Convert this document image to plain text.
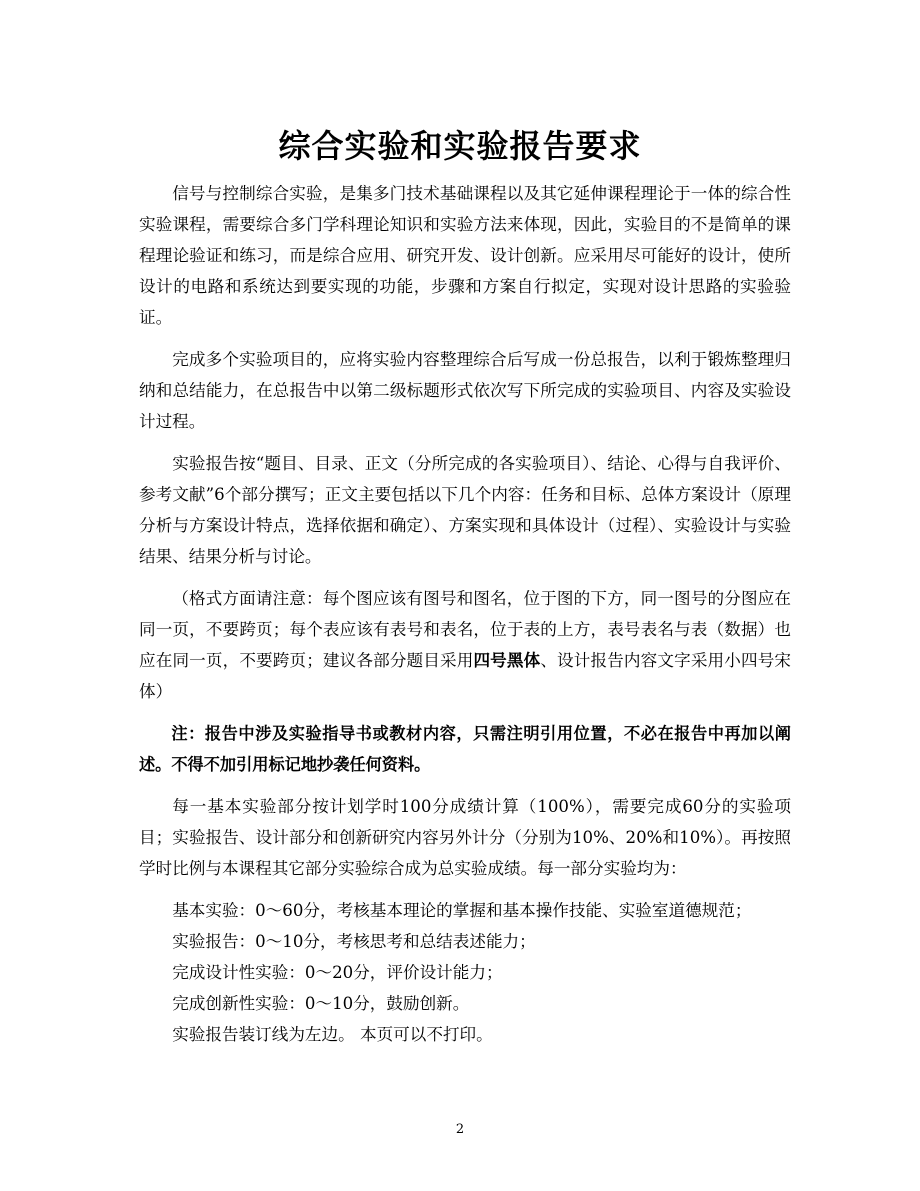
综合实验和实验报告要求

信号与控制综合实验，是集多门技术基础课程以及其它延伸课程理论于一体的综合性实验课程，需要综合多门学科理论知识和实验方法来体现，因此，实验目的不是简单的课程理论验证和练习，而是综合应用、研究开发、设计创新。应采用尽可能好的设计，使所设计的电路和系统达到要实现的功能，步骤和方案自行拟定，实现对设计思路的实验验证。

完成多个实验项目的，应将实验内容整理综合后写成一份总报告，以利于锻炼整理归纳和总结能力，在总报告中以第二级标题形式依次写下所完成的实验项目、内容及实验设计过程。

实验报告按“题目、目录、正文（分所完成的各实验项目）、结论、心得与自我评价、参考文献”6个部分撰写；正文主要包括以下几个内容：任务和目标、总体方案设计（原理分析与方案设计特点，选择依据和确定）、方案实现和具体设计（过程）、实验设计与实验结果、结果分析与讨论。

（格式方面请注意：每个图应该有图号和图名，位于图的下方，同一图号的分图应在同一页，不要跨页；每个表应该有表号和表名，位于表的上方，表号表名与表（数据）也应在同一页，不要跨页；建议各部分题目采用四号黑体、设计报告内容文字采用小四号宋体）

注：报告中涉及实验指导书或教材内容，只需注明引用位置，不必在报告中再加以阐述。不得不加引用标记地抄袭任何资料。

每一基本实验部分按计划学时100分成绩计算（100%），需要完成60分的实验项目；实验报告、设计部分和创新研究内容另外计分（分别为10%、20%和10%）。再按照学时比例与本课程其它部分实验综合成为总实验成绩。每一部分实验均为：

基本实验：0～60分，考核基本理论的掌握和基本操作技能、实验室道德规范；

实验报告：0～10分，考核思考和总结表述能力；

完成设计性实验：0～20分，评价设计能力；

完成创新性实验：0～10分，鼓励创新。

实验报告装订线为左边。 本页可以不打印。

2
